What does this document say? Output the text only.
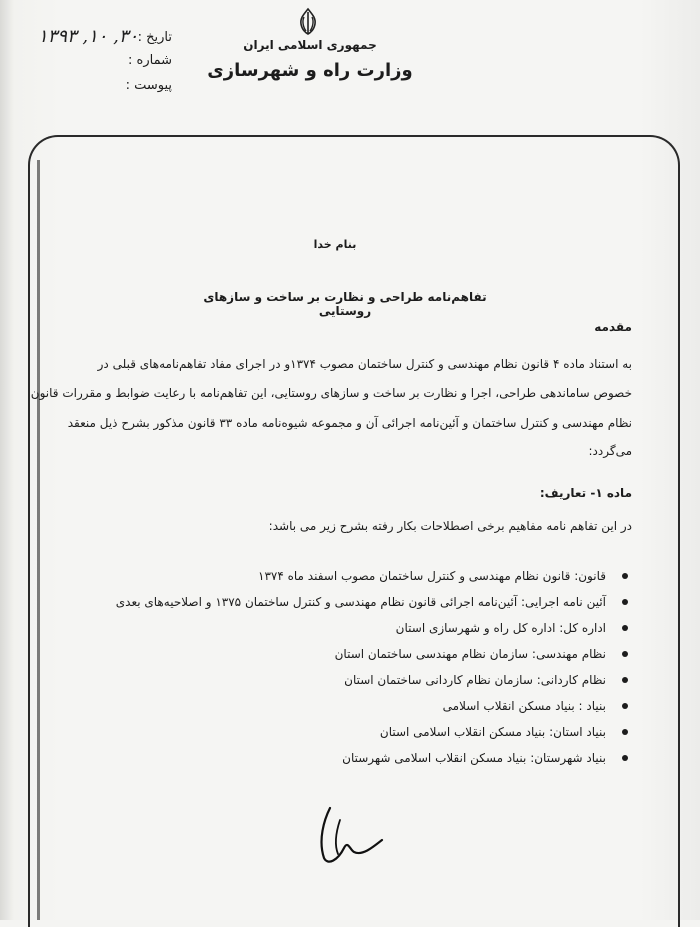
جمهوری اسلامی ایران
وزارت راه و شهرسازی
تاریخ :
شماره :
پیوست :
۱۳۹۳ ,۱۰ ,۳۰
بنام خدا
تفاهم‌نامه طراحی و نظارت بر ساخت و سازهای روستایی
مقدمه
به استناد ماده ۴ قانون نظام مهندسی و کنترل ساختمان مصوب ۱۳۷۴و در اجرای مفاد تفاهم‌نامه‌های قبلی در
خصوص ساماندهی طراحی، اجرا و نظارت بر ساخت و سازهای روستایی، این تفاهم‌نامه با رعایت ضوابط و مقررات قانون
نظام مهندسی و کنترل ساختمان و آئین‌نامه اجرائی آن و مجموعه شیوه‌نامه ماده ۳۳ قانون مذکور بشرح ذیل منعقد
می‌گردد:
ماده ۱- تعاریف:
در این تفاهم نامه مفاهیم برخی اصطلاحات بکار رفته بشرح زیر می باشد:
قانون: قانون نظام مهندسی و کنترل ساختمان مصوب اسفند ماه ۱۳۷۴
آئین نامه اجرایی: آئین‌نامه اجرائی قانون نظام مهندسی و کنترل ساختمان ۱۳۷۵ و اصلاحیه‌های بعدی
اداره کل: اداره کل راه و شهرسازی استان
نظام مهندسی: سازمان نظام مهندسی ساختمان استان
نظام کاردانی: سازمان نظام کاردانی ساختمان استان
بنیاد : بنیاد مسکن انقلاب اسلامی
بنیاد استان: بنیاد مسکن انقلاب اسلامی استان
بنیاد شهرستان: بنیاد مسکن انقلاب اسلامی شهرستان
